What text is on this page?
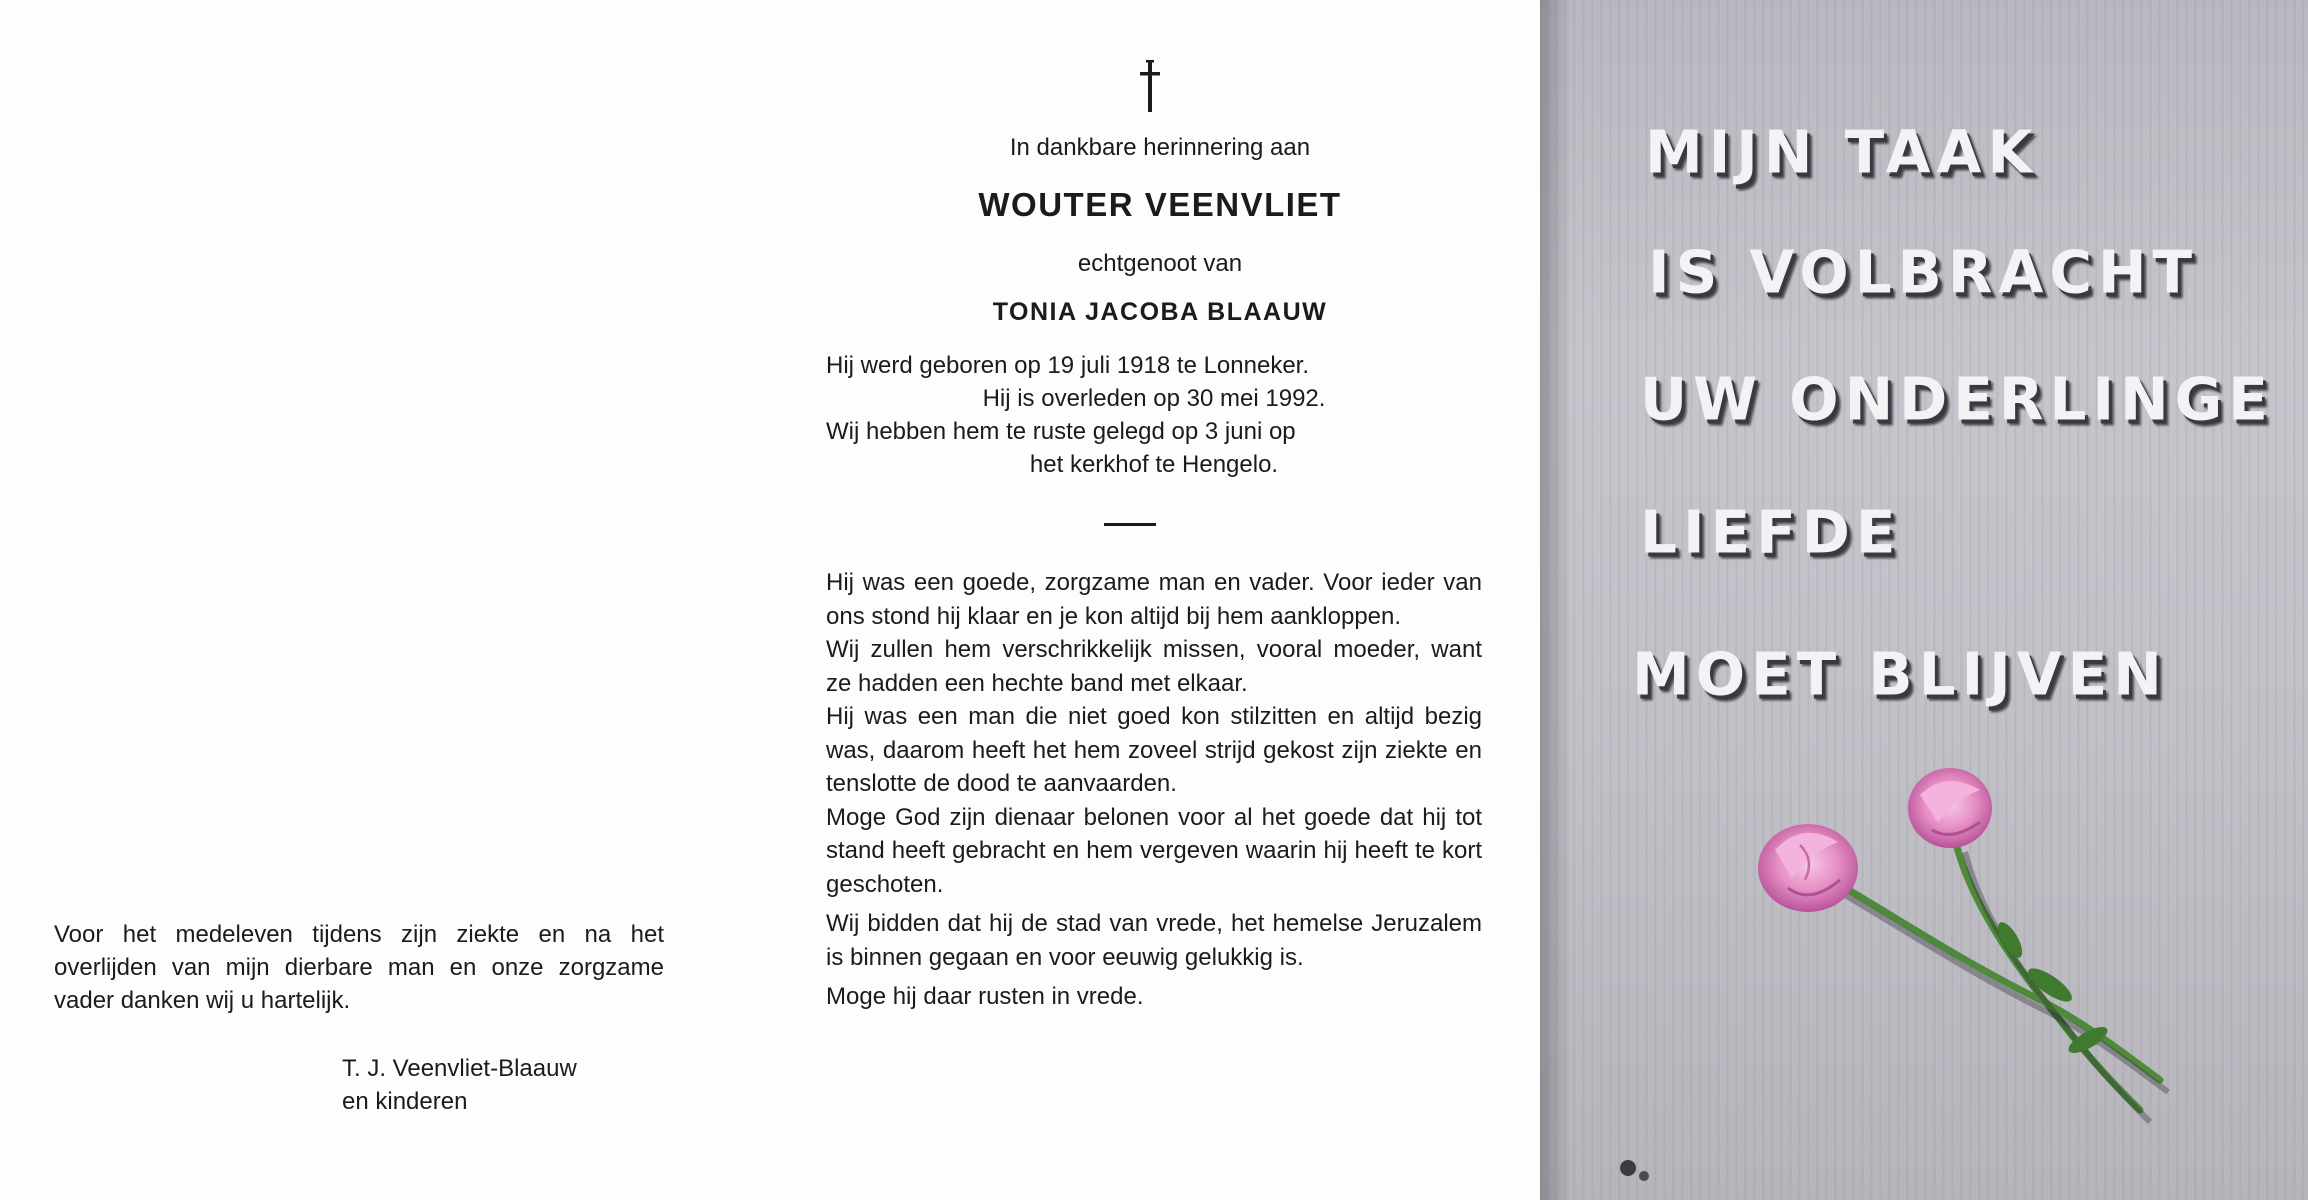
Voor het medeleven tijdens zijn ziekte en na het overlijden van mijn dierbare man en onze zorgzame vader danken wij u hartelijk.

T. J. Veenvliet-Blaauw
en kinderen
In dankbare herinnering aan
WOUTER VEENVLIET
echtgenoot van
TONIA JACOBA BLAAUW
Hij werd geboren op 19 juli 1918 te Lonneker.
Hij is overleden op 30 mei 1992.
Wij hebben hem te ruste gelegd op 3 juni op
het kerkhof te Hengelo.

Hij was een goede, zorgzame man en vader. Voor ieder van ons stond hij klaar en je kon altijd bij hem aankloppen.

Wij zullen hem verschrikkelijk missen, vooral moeder, want ze hadden een hechte band met elkaar.

Hij was een man die niet goed kon stilzitten en altijd bezig was, daarom heeft het hem zoveel strijd gekost zijn ziekte en tenslotte de dood te aanvaarden.

Moge God zijn dienaar belonen voor al het goede dat hij tot stand heeft gebracht en hem vergeven waarin hij heeft te kort geschoten.

Wij bidden dat hij de stad van vrede, het hemelse Jeruzalem is binnen gegaan en voor eeuwig gelukkig is.

Moge hij daar rusten in vrede.

MIJN TAAK
IS VOLBRACHT
UW ONDERLINGE
LIEFDE
MOET BLIJVEN
